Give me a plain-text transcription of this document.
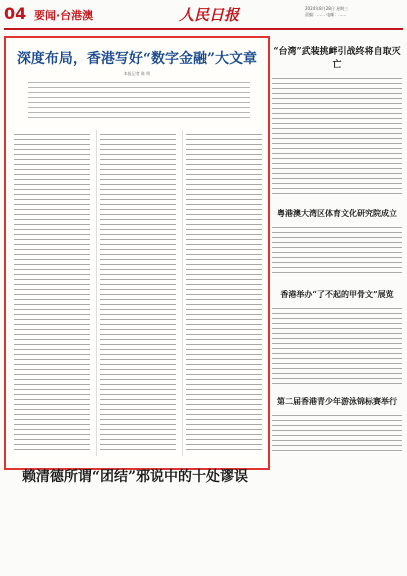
04 要闻·台港澳	人民日报	2024年8月28日 星期三
责编：…… 电邮：……
深度布局，香港写好“数字金融”大文章
本报记者 陈 明
“台湾”武装挑衅引战终将自取灭亡
粤港澳大湾区体育文化研究院成立
香港举办“了不起的甲骨文”展览
第二届香港青少年游泳锦标赛举行
赖清德所谓“团结”邪说中的十处谬误
